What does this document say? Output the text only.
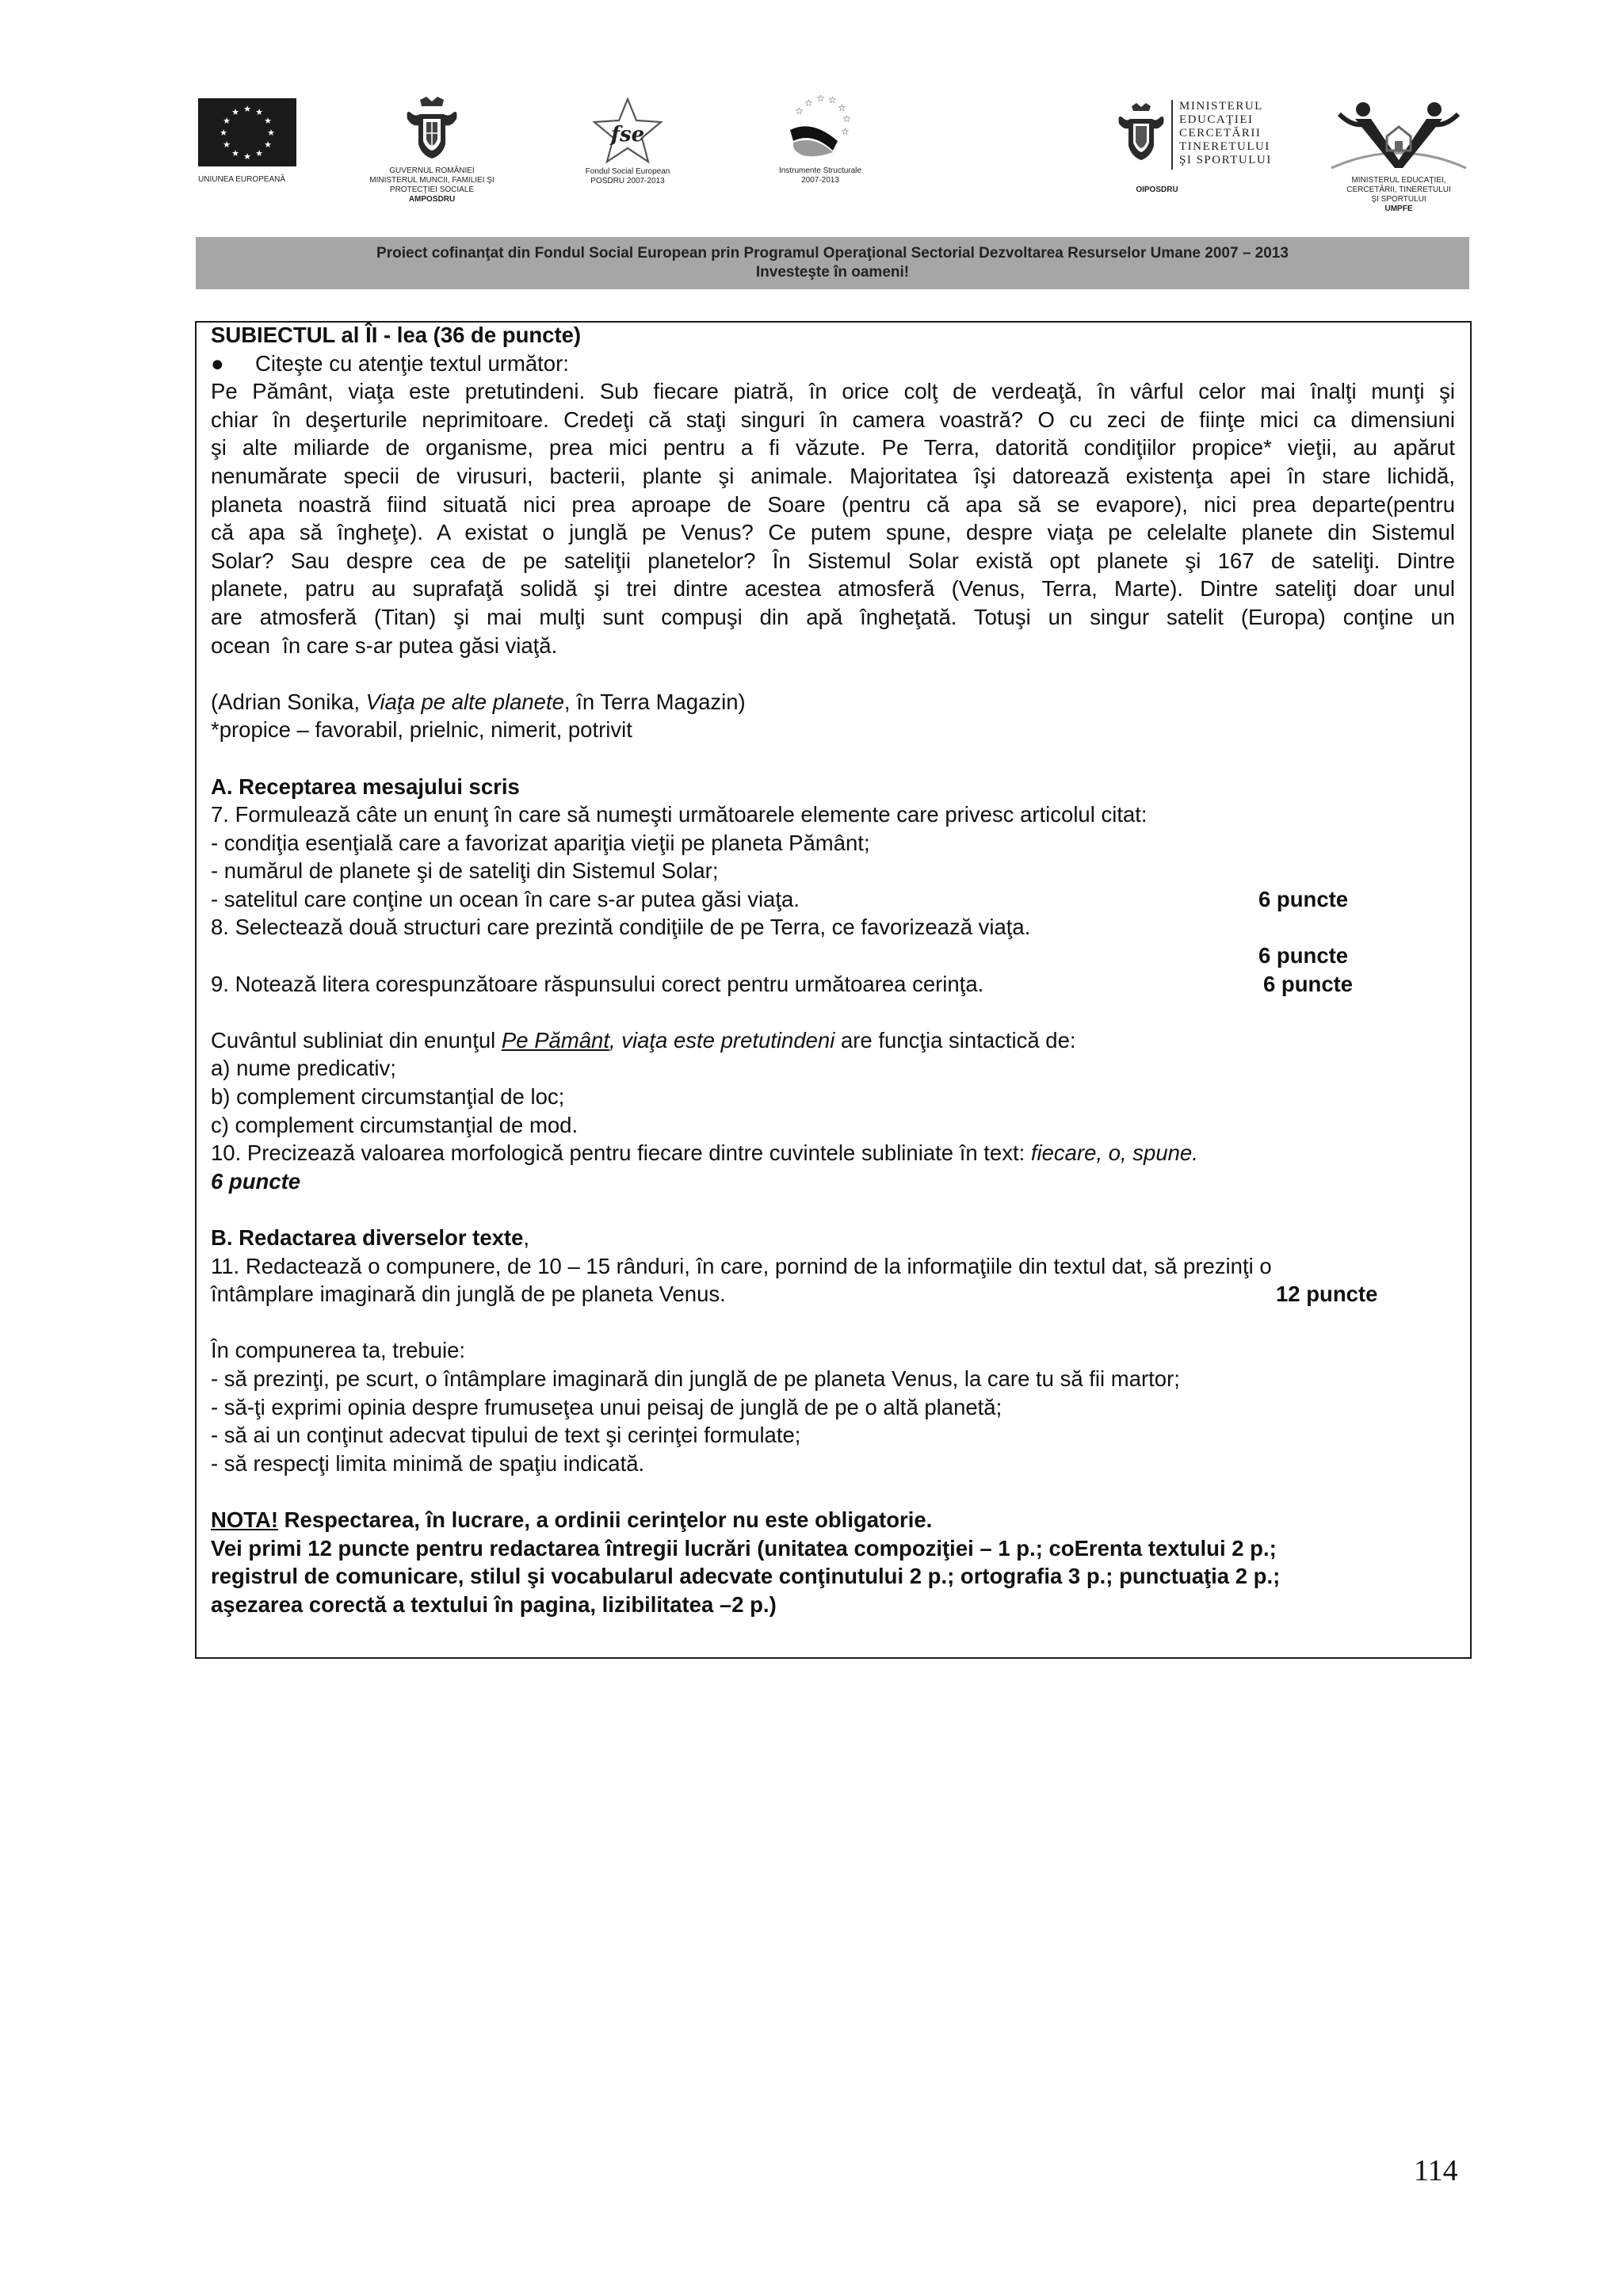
★ ★
★
★
★
★
★
★
★
★
★
★
UNIUNEA EUROPEANĂ
GUVERNUL ROMÂNIEI
MINISTERUL MUNCII, FAMILIEI ŞI
PROTECŢIEI SOCIALE
AMPOSDRU
fse
Fondul Social European
POSDRU 2007-2013
☆ ☆ ☆
☆
☆
☆
☆
Instrumente Structurale
2007-2013
MINISTERUL
EDUCAŢIEI
CERCETĂRII
TINERETULUI
ŞI SPORTULUI
OIPOSDRU
MINISTERUL EDUCAŢIEI,
CERCETĂRII, TINERETULUI
ŞI SPORTULUI
UMPFE
Proiect cofinanţat din Fondul Social European prin Programul Operaţional Sectorial Dezvoltarea Resurselor Umane 2007 – 2013
Investeşte în oameni!
SUBIECTUL al ÎI - lea (36 de puncte)
● Citeşte cu atenţie textul următor:
Pe Pământ, viaţa este pretutindeni. Sub fiecare piatră, în orice colţ de verdeaţă, în vârful celor mai înalţi munţi şi
chiar în deşerturile neprimitoare. Credeţi că staţi singuri în camera voastră? O cu zeci de fiinţe mici ca dimensiuni
şi alte miliarde de organisme, prea mici pentru a fi văzute. Pe Terra, datorită condiţiilor propice* vieţii, au apărut
nenumărate specii de virusuri, bacterii, plante şi animale. Majoritatea îşi datorează existenţa apei în stare lichidă,
planeta noastră fiind situată nici prea aproape de Soare (pentru că apa să se evapore), nici prea departe(pentru
că apa să îngheţe). A existat o junglă pe Venus? Ce putem spune, despre viaţa pe celelalte planete din Sistemul
Solar? Sau despre cea de pe sateliţii planetelor? În Sistemul Solar există opt planete şi 167 de sateliţi. Dintre
planete, patru au suprafaţă solidă şi trei dintre acestea atmosferă (Venus, Terra, Marte). Dintre sateliţi doar unul
are atmosferă (Titan) şi mai mulţi sunt compuşi din apă îngheţată. Totuşi un singur satelit (Europa) conţine un
ocean  în care s-ar putea găsi viaţă.
(Adrian Sonika, Viaţa pe alte planete, în Terra Magazin)
*propice – favorabil, prielnic, nimerit, potrivit
A. Receptarea mesajului scris
7. Formulează câte un enunţ în care să numeşti următoarele elemente care privesc articolul citat:
- condiţia esenţială care a favorizat apariţia vieţii pe planeta Pământ;
- numărul de planete şi de sateliţi din Sistemul Solar;
- satelitul care conţine un ocean în care s-ar putea găsi viaţa.	6 puncte
8. Selectează două structuri care prezintă condiţiile de pe Terra, ce favorizează viaţa.
6 puncte
9. Notează litera corespunzătoare răspunsului corect pentru următoarea cerinţa.	6 puncte
Cuvântul subliniat din enunţul Pe Pământ, viaţa este pretutindeni are funcţia sintactică de:
a) nume predicativ;
b) complement circumstanţial de loc;
c) complement circumstanţial de mod.
10. Precizează valoarea morfologică pentru fiecare dintre cuvintele subliniate în text: fiecare, o, spune.
6 puncte
B. Redactarea diverselor texte,
11. Redactează o compunere, de 10 – 15 rânduri, în care, pornind de la informaţiile din textul dat, să prezinţi o
întâmplare imaginară din junglă de pe planeta Venus.	12 puncte
În compunerea ta, trebuie:
- să prezinţi, pe scurt, o întâmplare imaginară din junglă de pe planeta Venus, la care tu să fii martor;
- să-ţi exprimi opinia despre frumuseţea unui peisaj de junglă de pe o altă planetă;
- să ai un conţinut adecvat tipului de text şi cerinţei formulate;
- să respecţi limita minimă de spaţiu indicată.
NOTA! Respectarea, în lucrare, a ordinii cerinţelor nu este obligatorie.
Vei primi 12 puncte pentru redactarea întregii lucrări (unitatea compoziţiei – 1 p.; coErenta textului 2 p.;
registrul de comunicare, stilul şi vocabularul adecvate conţinutului 2 p.; ortografia 3 p.; punctuaţia 2 p.;
aşezarea corectă a textului în pagina, lizibilitatea –2 p.)
114
